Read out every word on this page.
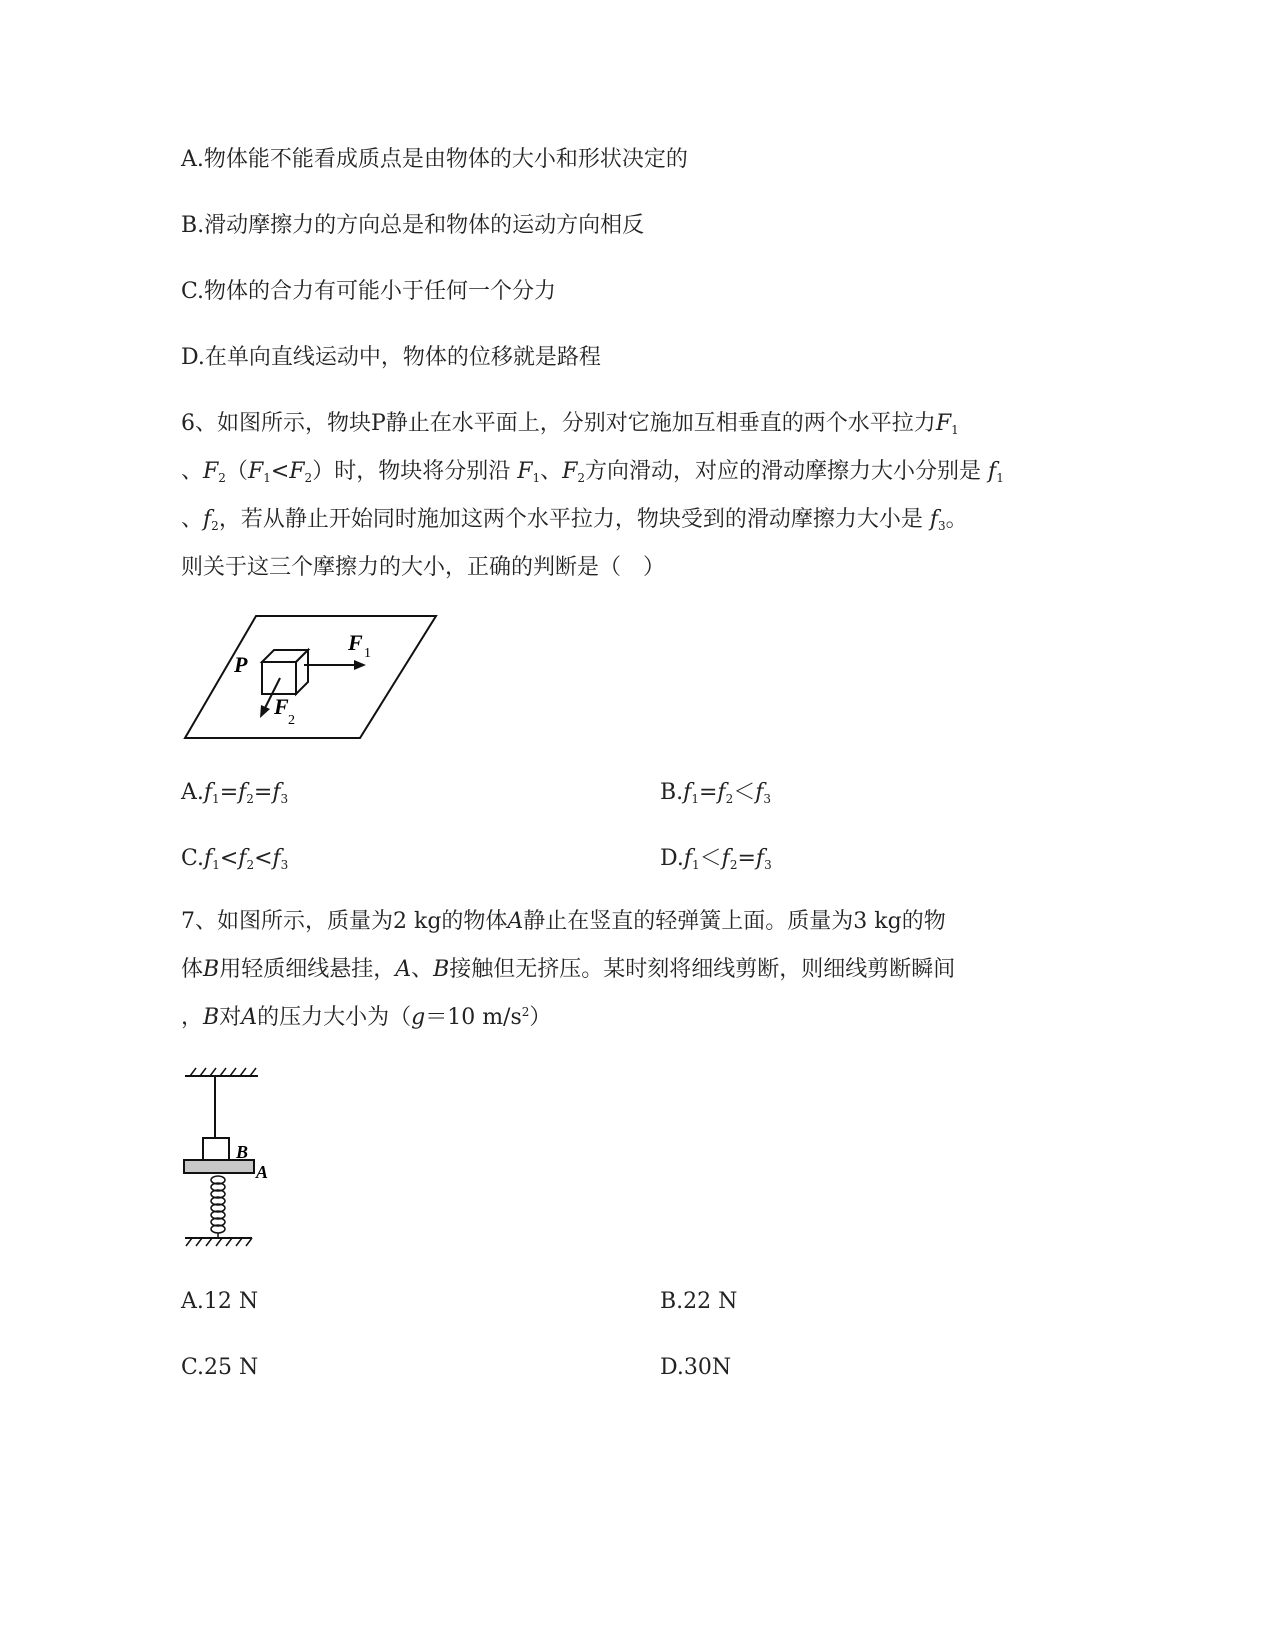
A.物体能不能看成质点是由物体的大小和形状决定的
B.滑动摩擦力的方向总是和物体的运动方向相反
C.物体的合力有可能小于任何一个分力
D.在单向直线运动中，物体的位移就是路程
6、如图所示，物块P静止在水平面上，分别对它施加互相垂直的两个水平拉力$F_1$
、$F_2(F_1<F_2)$时，物块将分别沿 $F_1$、$F_2$方向滑动，对应的滑动摩擦力大小分别是 $f_1$
、$f_2$，若从静止开始同时施加这两个水平拉力，物块受到的滑动摩擦力大小是 $f_3$。
则关于这三个摩擦力的大小，正确的判断是（　）
P
F 1
F
2
$A.f_1=f_2=f_3$	$B.f_1=f_2<f_3$
$C.f_1<f_2<f_3$	$D.f_1<f_2=f_3$
7、如图所示，质量为2 kg的物体A静止在竖直的轻弹簧上面。质量为3 kg的物
体B用轻质细线悬挂，A、B接触但无挤压。某时刻将细线剪断，则细线剪断瞬间
，B对A的压力大小为（g＝10 $m/s^2$）
B
A
A.12 N	B.22 N
C.25 N	D.30N
